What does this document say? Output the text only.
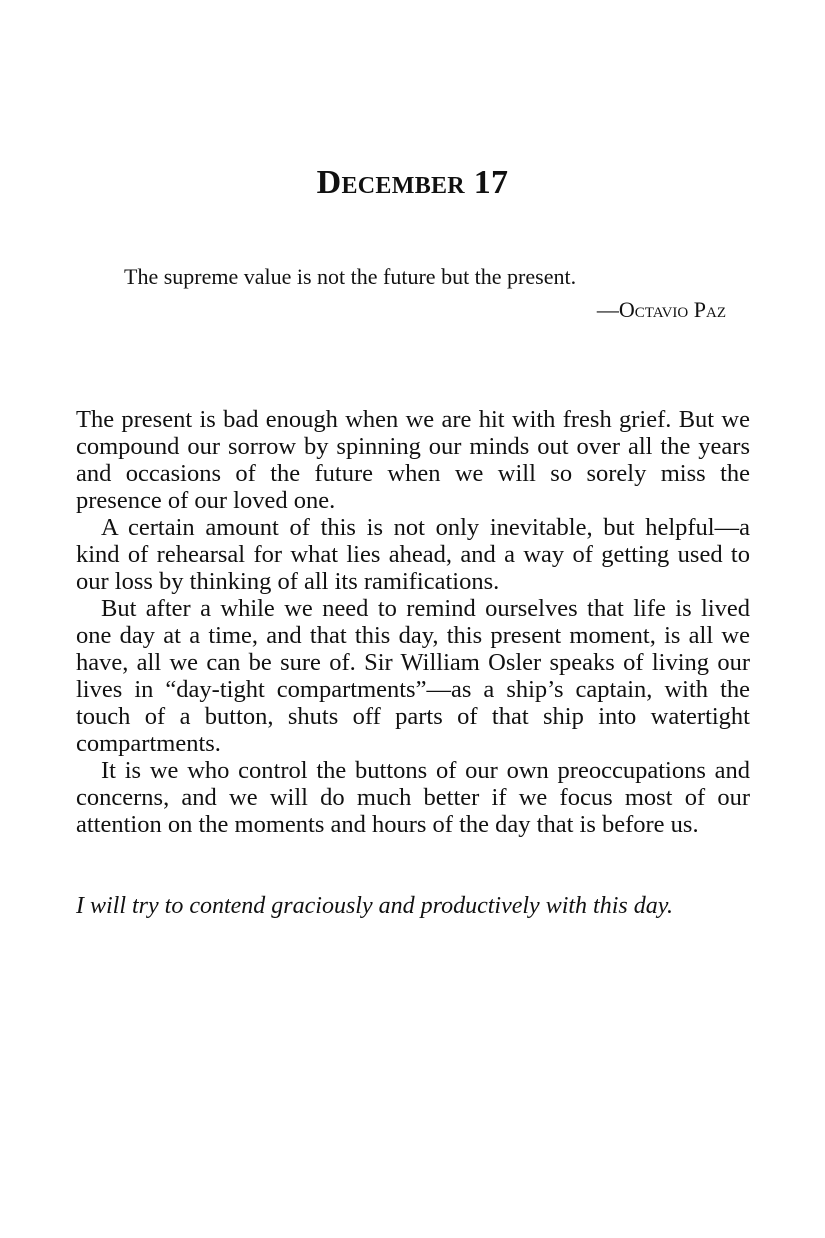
December 17
The supreme value is not the future but the present.
—Octavio Paz

The present is bad enough when we are hit with fresh grief. But we compound our sorrow by spinning our minds out over all the years and occasions of the future when we will so sorely miss the presence of our loved one.

A certain amount of this is not only inevitable, but helpful—a kind of rehearsal for what lies ahead, and a way of getting used to our loss by thinking of all its ramifications.

But after a while we need to remind ourselves that life is lived one day at a time, and that this day, this present moment, is all we have, all we can be sure of. Sir William Osler speaks of living our lives in “day-tight compartments”—as a ship’s captain, with the touch of a button, shuts off parts of that ship into watertight compartments.

It is we who control the buttons of our own preoccupations and concerns, and we will do much better if we focus most of our attention on the moments and hours of the day that is before us.

I will try to contend graciously and productively with this day.
